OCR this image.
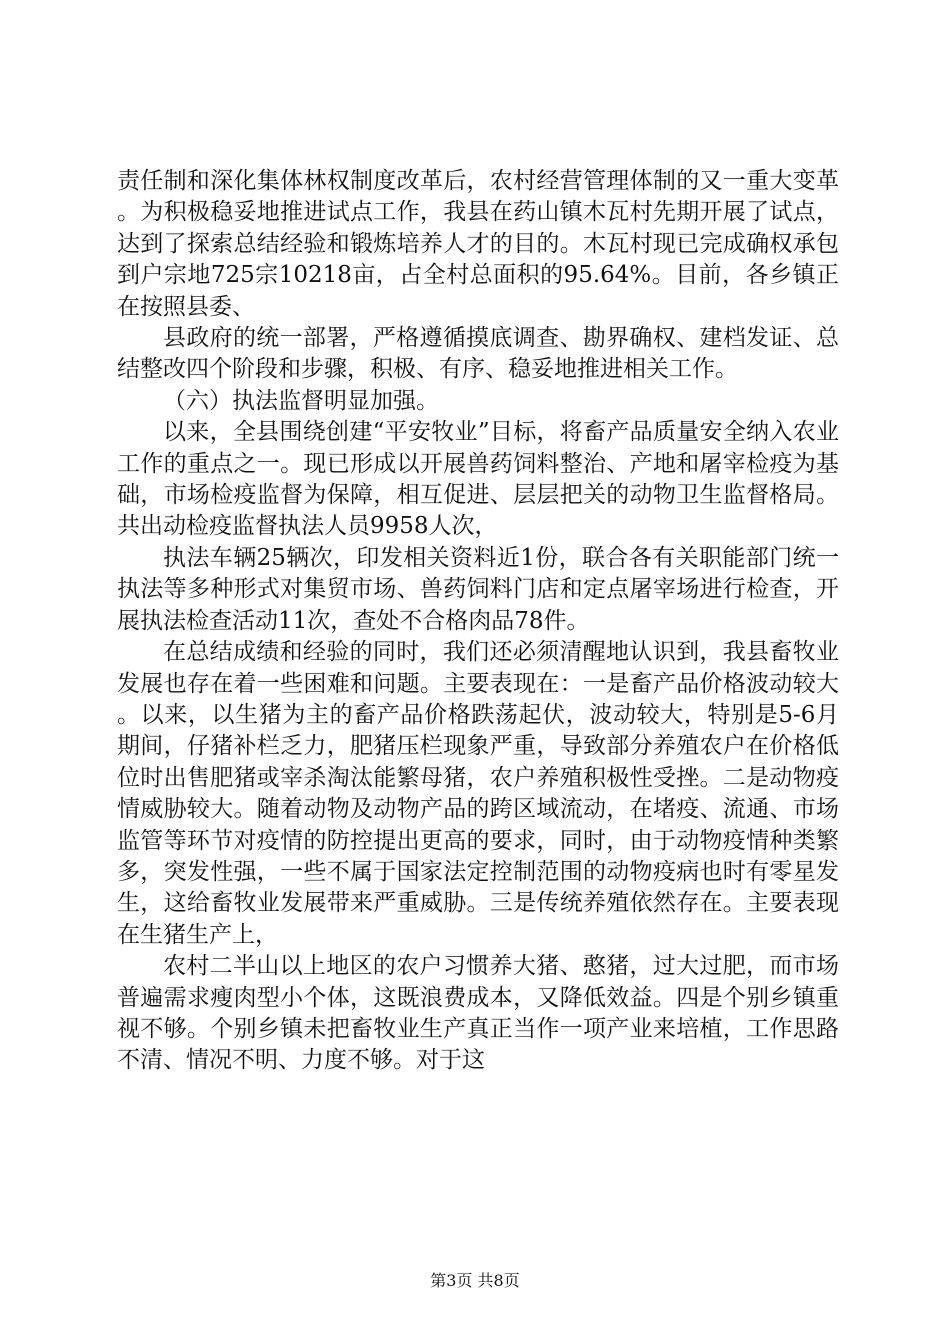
责任制和深化集体林权制度改革后，农村经营管理体制的又一重大变革。为积极稳妥地推进试点工作，我县在药山镇木瓦村先期开展了试点，达到了探索总结经验和锻炼培养人才的目的。木瓦村现已完成确权承包到户宗地725宗10218亩，占全村总面积的95.64%。目前，各乡镇正在按照县委、

县政府的统一部署，严格遵循摸底调查、勘界确权、建档发证、总结整改四个阶段和步骤，积极、有序、稳妥地推进相关工作。

（六）执法监督明显加强。

以来，全县围绕创建“平安牧业”目标，将畜产品质量安全纳入农业工作的重点之一。现已形成以开展兽药饲料整治、产地和屠宰检疫为基础，市场检疫监督为保障，相互促进、层层把关的动物卫生监督格局。共出动检疫监督执法人员9958人次，

执法车辆25辆次，印发相关资料近1份，联合各有关职能部门统一执法等多种形式对集贸市场、兽药饲料门店和定点屠宰场进行检查，开展执法检查活动11次，查处不合格肉品78件。

在总结成绩和经验的同时，我们还必须清醒地认识到，我县畜牧业发展也存在着一些困难和问题。主要表现在：一是畜产品价格波动较大。以来，以生猪为主的畜产品价格跌荡起伏，波动较大，特别是5-6月期间，仔猪补栏乏力，肥猪压栏现象严重，导致部分养殖农户在价格低位时出售肥猪或宰杀淘汰能繁母猪，农户养殖积极性受挫。二是动物疫情威胁较大。随着动物及动物产品的跨区域流动，在堵疫、流通、市场监管等环节对疫情的防控提出更高的要求，同时，由于动物疫情种类繁多，突发性强，一些不属于国家法定控制范围的动物疫病也时有零星发生，这给畜牧业发展带来严重威胁。三是传统养殖依然存在。主要表现在生猪生产上，

农村二半山以上地区的农户习惯养大猪、憨猪，过大过肥，而市场普遍需求瘦肉型小个体，这既浪费成本，又降低效益。四是个别乡镇重视不够。个别乡镇未把畜牧业生产真正当作一项产业来培植，工作思路不清、情况不明、力度不够。对于这

第3页 共8页
